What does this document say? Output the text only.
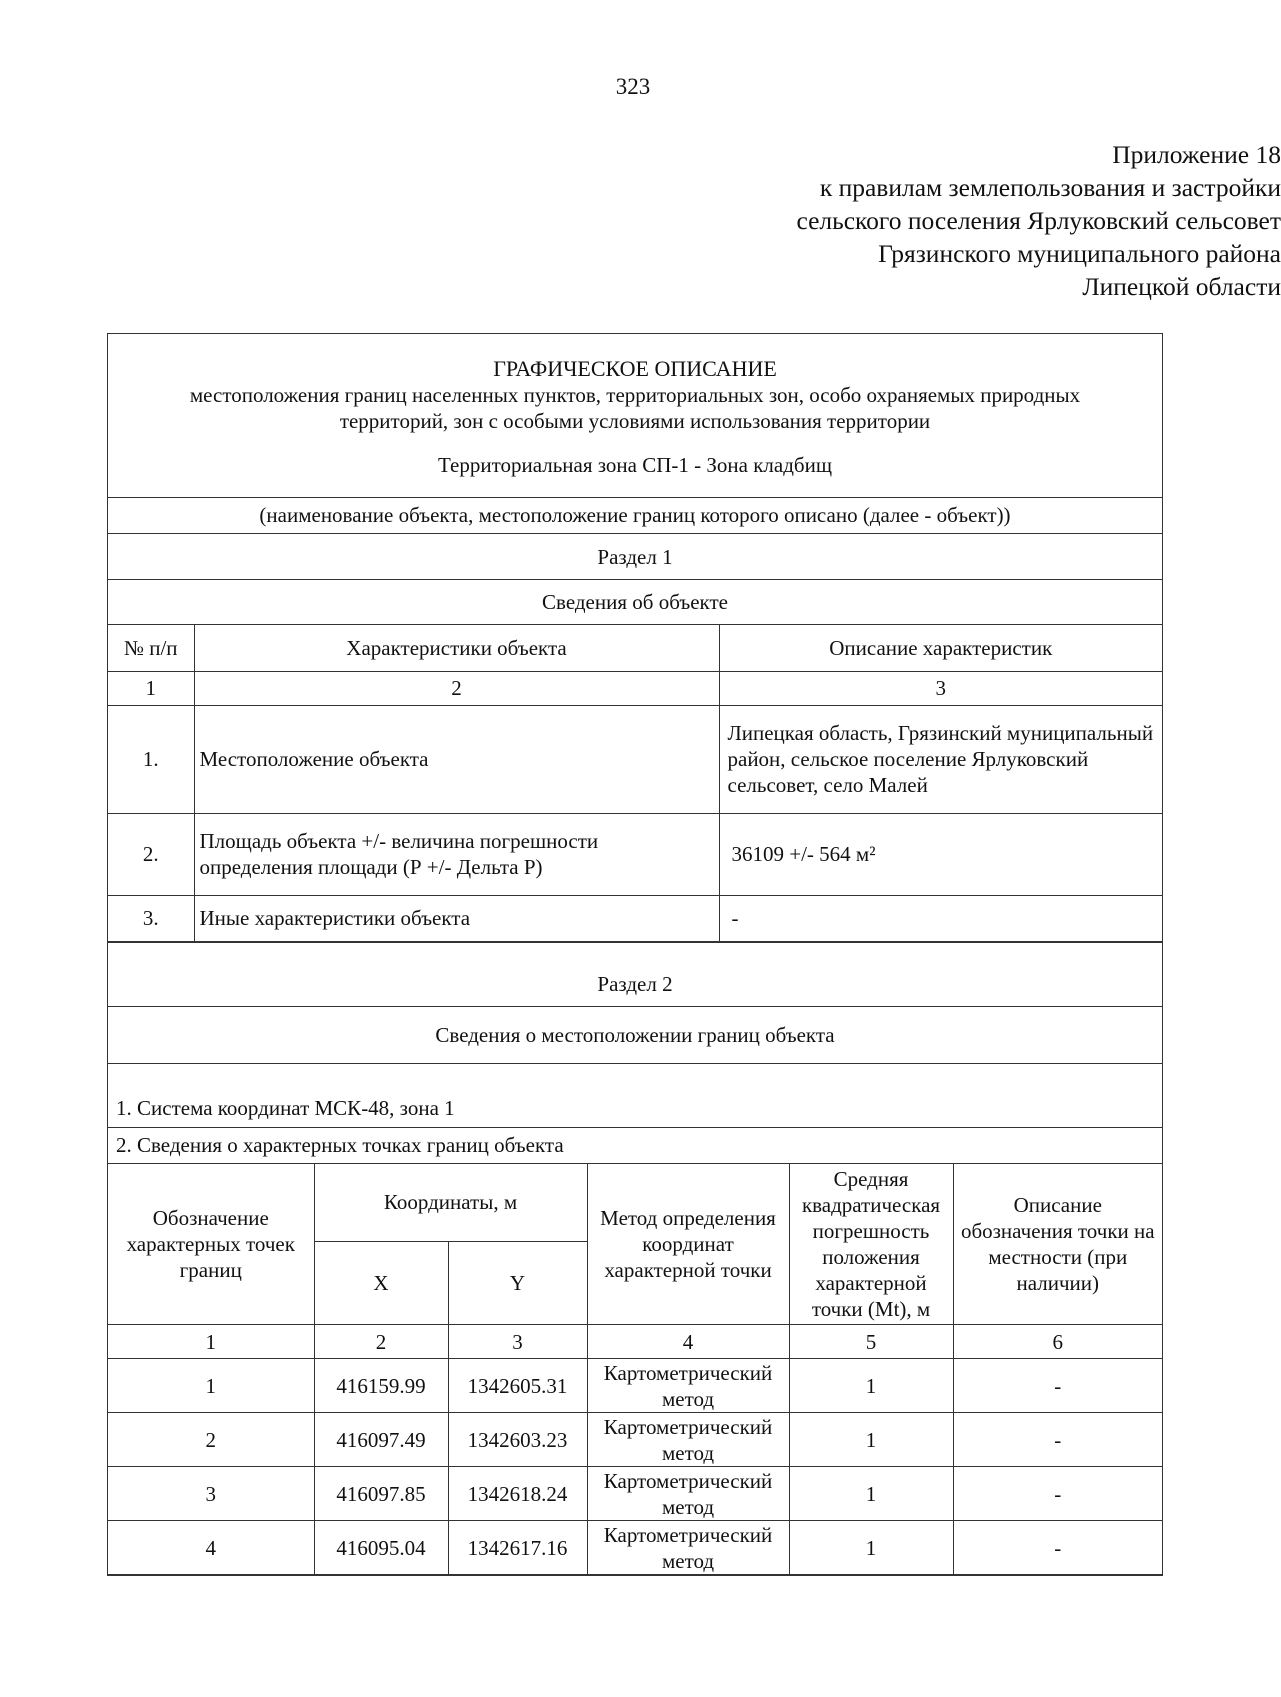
323
Приложение 18
к правилам землепользования и застройки
сельского поселения Ярлуковский сельсовет
Грязинского муниципального района
Липецкой области
ГРАФИЧЕСКОЕ ОПИСАНИЕ
местоположения границ населенных пунктов, территориальных зон, особо охраняемых природных
территорий, зон с особыми условиями использования территории
Территориальная зона СП-1 - Зона кладбищ
(наименование объекта, местоположение границ которого описано (далее - объект))
Раздел 1
Сведения об объекте
№ п/п	Характеристики объекта	Описание характеристик
1	2	3
1.	Местоположение объекта	Липецкая область, Грязинский муниципальный район, сельское поселение Ярлуковский сельсовет, село Малей
2.	Площадь объекта +/- величина погрешности определения площади (Р +/- Дельта Р)	36109 +/- 564 м²
3.	Иные характеристики объекта	-
Раздел 2
Сведения о местоположении границ объекта
1. Система координат МСК-48, зона 1
2. Сведения о характерных точках границ объекта
Обозначение характерных точек границ	Координаты, м		Метод определения координат характерной точки	Средняя квадратическая погрешность положения характерной точки (Mt), м	Описание обозначения точки на местности (при наличии)
	X	Y			
1	2	3	4	5	6
1	416159.99	1342605.31	Картометрический метод	1	-
2	416097.49	1342603.23	Картометрический метод	1	-
3	416097.85	1342618.24	Картометрический метод	1	-
4	416095.04	1342617.16	Картометрический метод	1	-
